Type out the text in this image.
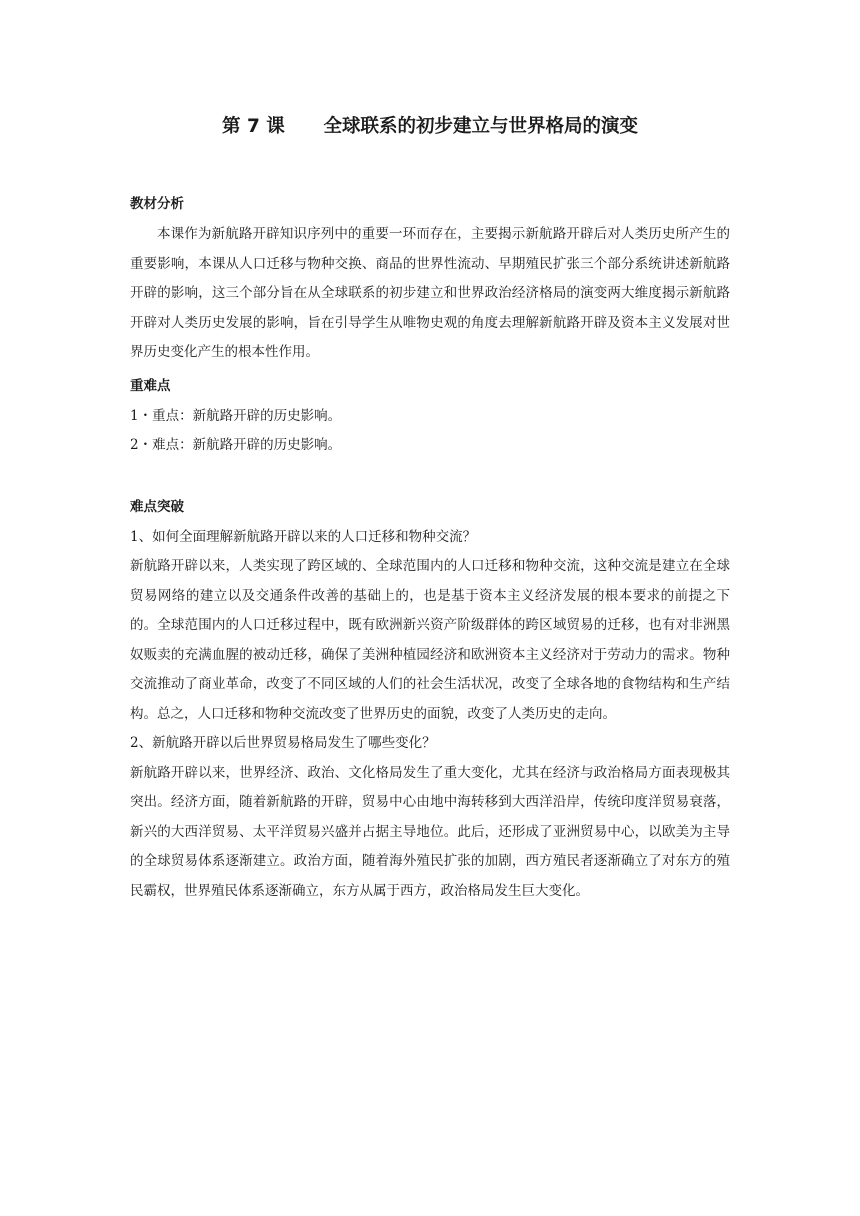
第 7 课      全球联系的初步建立与世界格局的演变

教材分析

本课作为新航路开辟知识序列中的重要一环而存在，主要揭示新航路开辟后对人类历史所产生的重要影响，本课从人口迁移与物种交换、商品的世界性流动、早期殖民扩张三个部分系统讲述新航路开辟的影响，这三个部分旨在从全球联系的初步建立和世界政治经济格局的演变两大维度揭示新航路开辟对人类历史发展的影响，旨在引导学生从唯物史观的角度去理解新航路开辟及资本主义发展对世界历史变化产生的根本性作用。

重难点

1・重点：新航路开辟的历史影响。

2・难点：新航路开辟的历史影响。

难点突破

1、如何全面理解新航路开辟以来的人口迁移和物种交流？

新航路开辟以来，人类实现了跨区域的、全球范围内的人口迁移和物种交流，这种交流是建立在全球贸易网络的建立以及交通条件改善的基础上的，也是基于资本主义经济发展的根本要求的前提之下的。全球范围内的人口迁移过程中，既有欧洲新兴资产阶级群体的跨区域贸易的迁移，也有对非洲黑奴贩卖的充满血腥的被动迁移，确保了美洲种植园经济和欧洲资本主义经济对于劳动力的需求。物种交流推动了商业革命，改变了不同区域的人们的社会生活状况，改变了全球各地的食物结构和生产结构。总之，人口迁移和物种交流改变了世界历史的面貌，改变了人类历史的走向。

2、新航路开辟以后世界贸易格局发生了哪些变化？

新航路开辟以来，世界经济、政治、文化格局发生了重大变化，尤其在经济与政治格局方面表现极其突出。经济方面，随着新航路的开辟，贸易中心由地中海转移到大西洋沿岸，传统印度洋贸易衰落，新兴的大西洋贸易、太平洋贸易兴盛并占据主导地位。此后，还形成了亚洲贸易中心，以欧美为主导的全球贸易体系逐渐建立。政治方面，随着海外殖民扩张的加剧，西方殖民者逐渐确立了对东方的殖民霸权，世界殖民体系逐渐确立，东方从属于西方，政治格局发生巨大变化。
